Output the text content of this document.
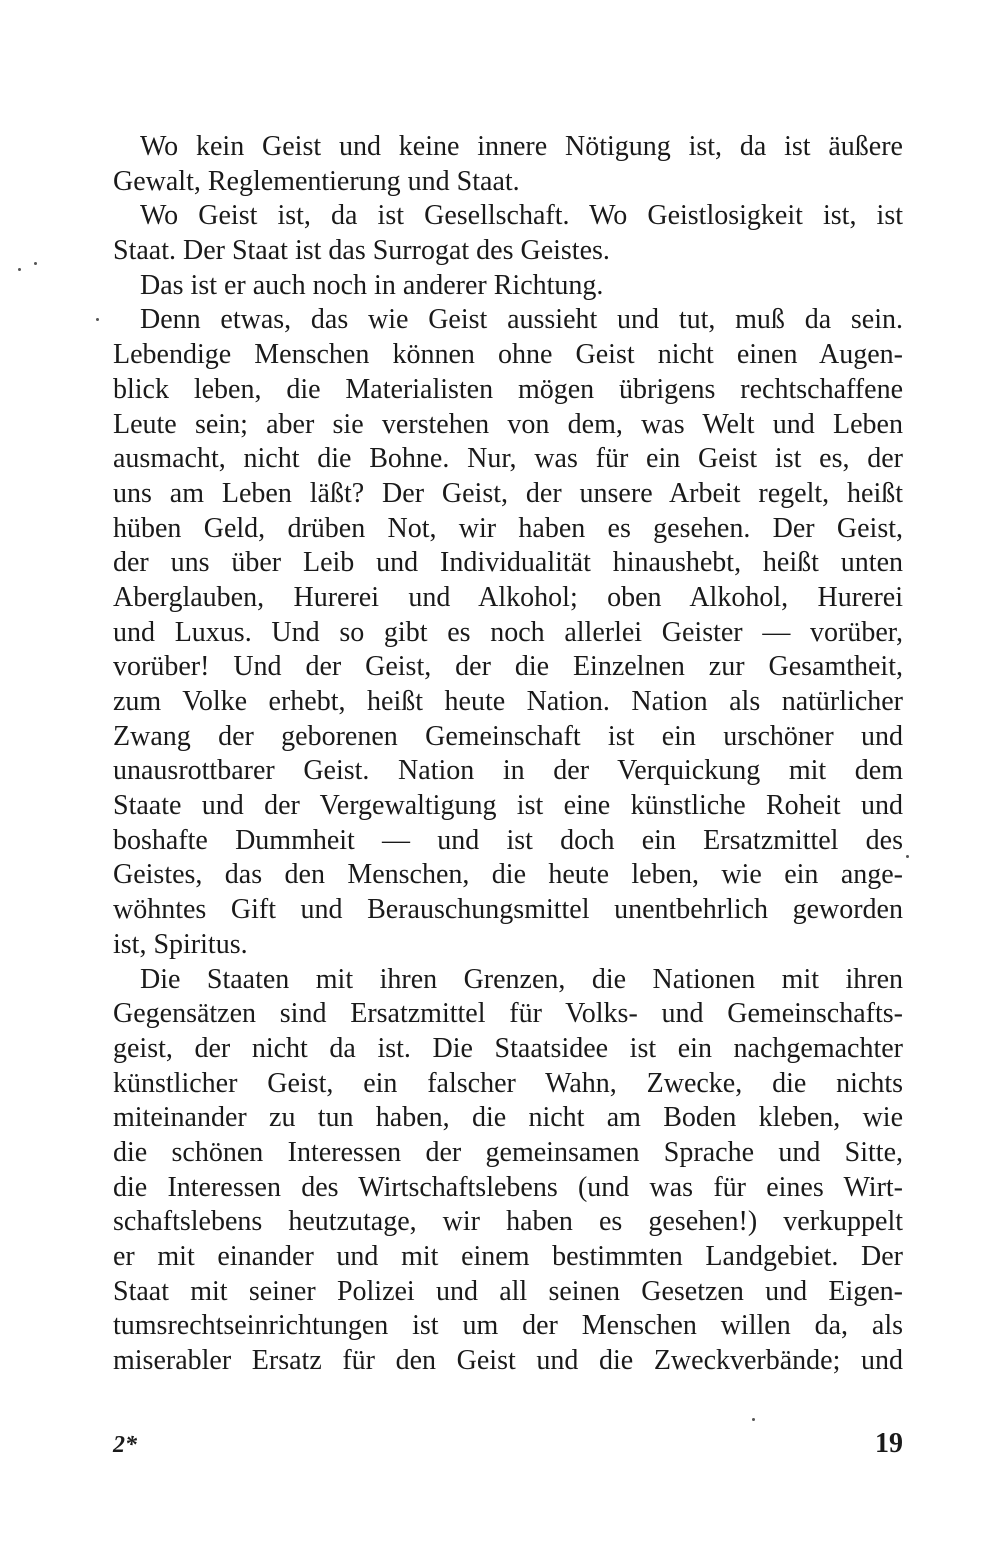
Wo kein Geist und keine innere Nötigung ist, da ist äußere
Gewalt, Reglementierung und Staat.
Wo Geist ist, da ist Gesellschaft. Wo Geistlosigkeit ist, ist
Staat. Der Staat ist das Surrogat des Geistes.
Das ist er auch noch in anderer Richtung.
Denn etwas, das wie Geist aussieht und tut, muß da sein.
Lebendige Menschen können ohne Geist nicht einen Augen-
blick leben, die Materialisten mögen übrigens rechtschaffene
Leute sein; aber sie verstehen von dem, was Welt und Leben
ausmacht, nicht die Bohne. Nur, was für ein Geist ist es, der
uns am Leben läßt? Der Geist, der unsere Arbeit regelt, heißt
hüben Geld, drüben Not, wir haben es gesehen. Der Geist,
der uns über Leib und Individualität hinaushebt, heißt unten
Aberglauben, Hurerei und Alkohol; oben Alkohol, Hurerei
und Luxus. Und so gibt es noch allerlei Geister — vorüber,
vorüber! Und der Geist, der die Einzelnen zur Gesamtheit,
zum Volke erhebt, heißt heute Nation. Nation als natürlicher
Zwang der geborenen Gemeinschaft ist ein urschöner und
unausrottbarer Geist. Nation in der Verquickung mit dem
Staate und der Vergewaltigung ist eine künstliche Roheit und
boshafte Dummheit — und ist doch ein Ersatzmittel des
Geistes, das den Menschen, die heute leben, wie ein ange-
wöhntes Gift und Berauschungsmittel unentbehrlich geworden
ist, Spiritus.
Die Staaten mit ihren Grenzen, die Nationen mit ihren
Gegensätzen sind Ersatzmittel für Volks- und Gemeinschafts-
geist, der nicht da ist. Die Staatsidee ist ein nachgemachter
künstlicher Geist, ein falscher Wahn, Zwecke, die nichts
miteinander zu tun haben, die nicht am Boden kleben, wie
die schönen Interessen der gemeinsamen Sprache und Sitte,
die Interessen des Wirtschaftslebens (und was für eines Wirt-
schaftslebens heutzutage, wir haben es gesehen!) verkuppelt
er mit einander und mit einem bestimmten Landgebiet. Der
Staat mit seiner Polizei und all seinen Gesetzen und Eigen-
tumsrechtseinrichtungen ist um der Menschen willen da, als
miserabler Ersatz für den Geist und die Zweckverbände; und
2*	19
